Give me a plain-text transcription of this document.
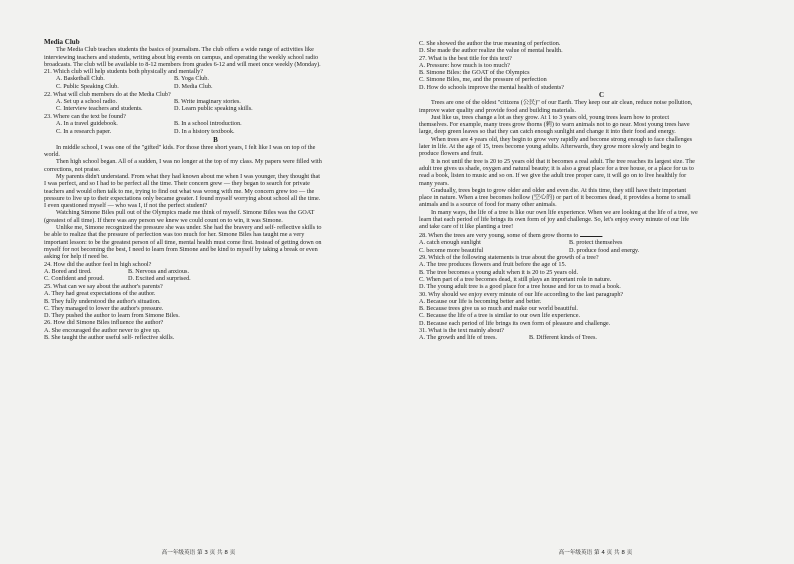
Media Club
The Media Club teaches students the basics of journalism. The club offers a wide range of activities like
interviewing teachers and students, writing about big events on campus, and operating the weekly school radio
broadcasts. The club will be available to 8-12 members from grades 6-12 and will meet once weekly (Monday).
21. Which club will help students both physically and mentally?
A. Basketball Club.	B. Yoga Club.
C. Public Speaking Club.	D. Media Club.
22. What will club members do at the Media Club?
A. Set up a school radio.	B. Write imaginary stories.
C. Interview teachers and students.	D. Learn public speaking skills.
23. Where can the text be found?
A. In a travel guidebook.	B. In a school introduction.
C. In a research paper.	D. In a history textbook.
B
In middle school, I was one of the "gifted" kids. For those three short years, I felt like I was on top of the
world.
Then high school began. All of a sudden, I was no longer at the top of my class. My papers were filled with
corrections, not praise.
My parents didn't understand. From what they had known about me when I was younger, they thought that
I was perfect, and so I had to be perfect all the time. Their concern grew — they began to search for private
teachers and would often talk to me, trying to find out what was wrong with me. My concern grew too — the
pressure to live up to their expectations only became greater. I found myself worrying about school all the time.
I even questioned myself — who was I, if not the perfect student?
Watching Simone Biles pull out of the Olympics made me think of myself. Simone Biles was the GOAT
(greatest of all time). If there was any person we knew we could count on to win, it was Simone.
Unlike me, Simone recognized the pressure she was under. She had the bravery and self- reflective skills to
be able to realize that the pressure of perfection was too much for her. Simone Biles has taught me a very
important lesson: to be the greatest person of all time, mental health must come first. Instead of getting down on
myself for not becoming the best, I need to learn from Simone and be kind to myself by taking a break or even
asking for help if need be.
24. How did the author feel in high school?
A. Bored and tired.	B. Nervous and anxious.
C. Confident and proud.	D. Excited and surprised.
25. What can we say about the author's parents?
A. They had great expectations of the author.
B. They fully understood the author's situation.
C. They managed to lower the author's pressure.
D. They pushed the author to learn from Simone Biles.
26. How did Simone Biles influence the author?
A. She encouraged the author never to give up.
B. She taught the author useful self- reflective skills.
高一年级英语 第 3 页 共 8 页
C. She showed the author the true meaning of perfection.
D. She made the author realize the value of mental health.
27. What is the best title for this text?
A. Pressure: how much is too much?
B. Simone Biles: the GOAT of the Olympics
C. Simone Biles, me, and the pressure of perfection
D. How do schools improve the mental health of students?
C
Trees are one of the oldest "citizens (公民)" of our Earth. They keep our air clean, reduce noise pollution,
improve water quality and provide food and building materials.
Just like us, trees change a lot as they grow. At 1 to 3 years old, young trees learn how to protect
themselves. For example, many trees grow thorns (刺) to warn animals not to go near. Most young trees have
large, deep green leaves so that they can catch enough sunlight and change it into their food and energy.
When trees are 4 years old, they begin to grow very rapidly and become strong enough to face challenges
later in life. At the age of 15, trees become young adults. Afterwards, they grow more slowly and begin to
produce flowers and fruit.
It is not until the tree is 20 to 25 years old that it becomes a real adult. The tree reaches its largest size. The
adult tree gives us shade, oxygen and natural beauty; it is also a great place for a tree house, or a place for us to
read a book, listen to music and so on. If we give the adult tree proper care, it will go on to live healthily for
many years.
Gradually, trees begin to grow older and older and even die. At this time, they still have their important
place in nature. When a tree becomes hollow (空心的) or part of it becomes dead, it provides a home to small
animals and is a source of food for many other animals.
In many ways, the life of a tree is like our own life experience. When we are looking at the life of a tree, we
learn that each period of life brings its own form of joy and challenge. So, let's enjoy every minute of our life
and take care of it like planting a tree!
28. When the trees are very young, some of them grow thorns to	.
A. catch enough sunlight	B. protect themselves
C. become more beautiful	D. produce food and energy.
29. Which of the following statements is true about the growth of a tree?
A. The tree produces flowers and fruit before the age of 15.
B. The tree becomes a young adult when it is 20 to 25 years old.
C. When part of a tree becomes dead, it still plays an important role in nature.
D. The young adult tree is a good place for a tree house and for us to read a book.
30. Why should we enjoy every minute of our life according to the last paragraph?
A. Because our life is becoming better and better.
B. Because trees give us so much and make our world beautiful.
C. Because the life of a tree is similar to our own life experience.
D. Because each period of life brings its own form of pleasure and challenge.
31. What is the text mainly about?
A. The growth and life of trees.	B. Different kinds of Trees.
高一年级英语 第 4 页 共 8 页
